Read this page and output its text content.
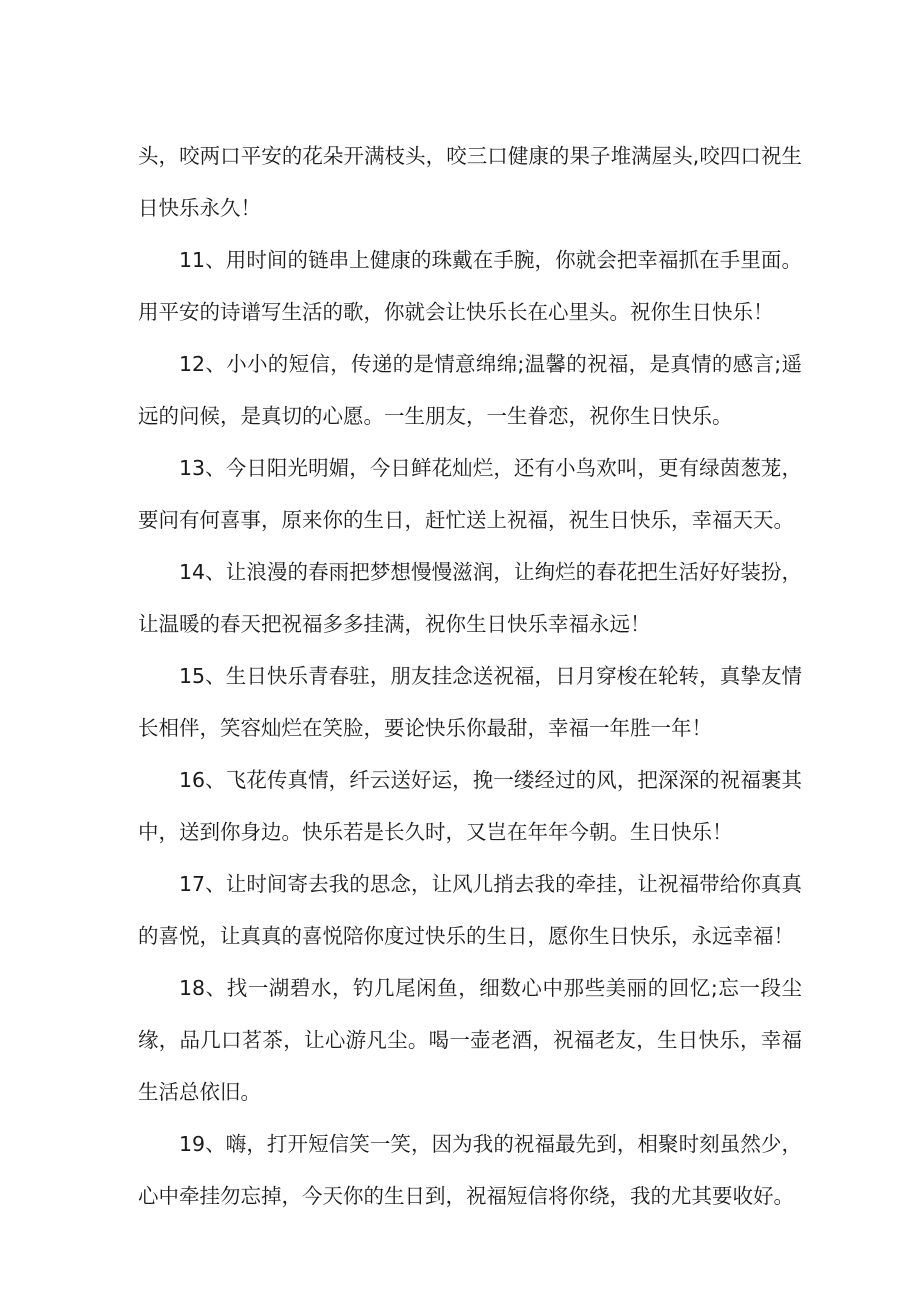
头，咬两口平安的花朵开满枝头，咬三口健康的果子堆满屋头,咬四口祝生日快乐永久！

11、用时间的链串上健康的珠戴在手腕，你就会把幸福抓在手里面。用平安的诗谱写生活的歌，你就会让快乐长在心里头。祝你生日快乐！

12、小小的短信，传递的是情意绵绵;温馨的祝福，是真情的感言;遥远的问候，是真切的心愿。一生朋友，一生眷恋，祝你生日快乐。

13、今日阳光明媚，今日鲜花灿烂，还有小鸟欢叫，更有绿茵葱茏，要问有何喜事，原来你的生日，赶忙送上祝福，祝生日快乐，幸福天天。

14、让浪漫的春雨把梦想慢慢滋润，让绚烂的春花把生活好好装扮，让温暖的春天把祝福多多挂满，祝你生日快乐幸福永远！

15、生日快乐青春驻，朋友挂念送祝福，日月穿梭在轮转，真挚友情长相伴，笑容灿烂在笑脸，要论快乐你最甜，幸福一年胜一年！

16、飞花传真情，纤云送好运，挽一缕经过的风，把深深的祝福裹其中，送到你身边。快乐若是长久时，又岂在年年今朝。生日快乐！

17、让时间寄去我的思念，让风儿捎去我的牵挂，让祝福带给你真真的喜悦，让真真的喜悦陪你度过快乐的生日，愿你生日快乐，永远幸福！

18、找一湖碧水，钓几尾闲鱼，细数心中那些美丽的回忆;忘一段尘缘，品几口茗茶，让心游凡尘。喝一壶老酒，祝福老友，生日快乐，幸福生活总依旧。

19、嗨，打开短信笑一笑，因为我的祝福最先到，相聚时刻虽然少，心中牵挂勿忘掉，今天你的生日到，祝福短信将你绕，我的尤其要收好。
